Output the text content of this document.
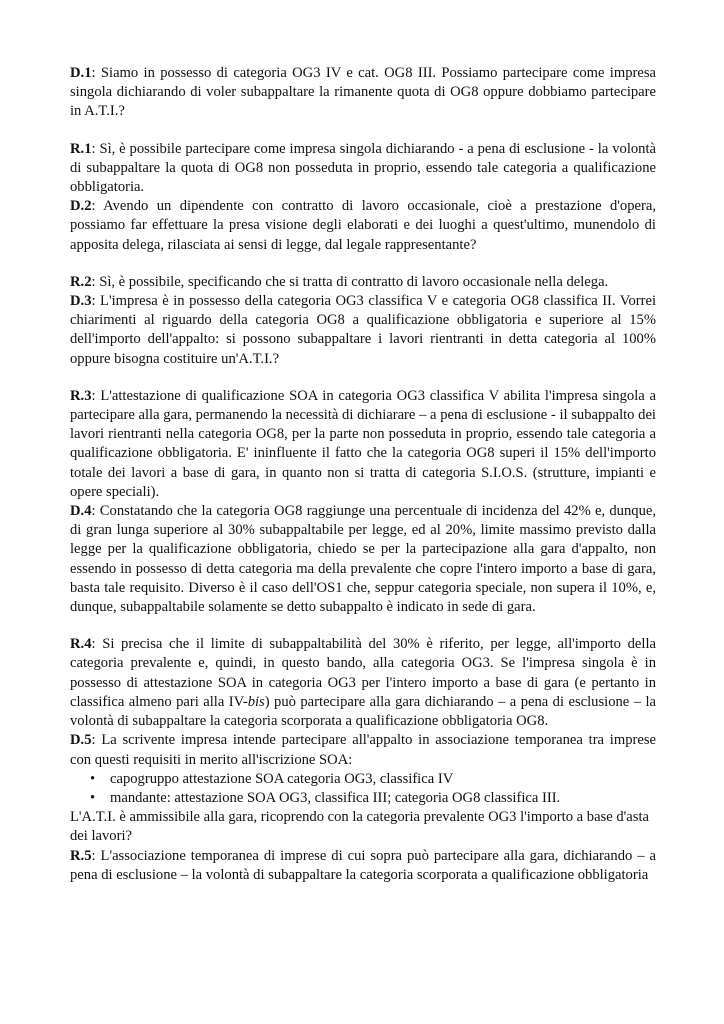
D.1: Siamo in possesso di categoria OG3 IV e cat. OG8 III. Possiamo partecipare come impresa singola dichiarando di voler subappaltare la rimanente quota di OG8 oppure dobbiamo partecipare in A.T.I.?

R.1: Sì, è possibile partecipare come impresa singola dichiarando - a pena di esclusione - la volontà di subappaltare la quota di OG8 non posseduta in proprio, essendo tale categoria a qualificazione obbligatoria.

D.2: Avendo un dipendente con contratto di lavoro occasionale, cioè a prestazione d'opera, possiamo far effettuare la presa visione degli elaborati e dei luoghi a quest'ultimo, munendolo di apposita delega, rilasciata ai sensi di legge, dal legale rappresentante?

R.2: Sì, è possibile, specificando che si tratta di contratto di lavoro occasionale nella delega.

D.3: L'impresa è in possesso della categoria OG3 classifica V e categoria OG8 classifica II. Vorrei chiarimenti al riguardo della categoria OG8 a qualificazione obbligatoria e superiore al 15% dell'importo dell'appalto: si possono subappaltare i lavori rientranti in detta categoria al 100% oppure bisogna costituire un'A.T.I.?

R.3: L'attestazione di qualificazione SOA in categoria OG3 classifica V abilita l'impresa singola a partecipare alla gara, permanendo la necessità di dichiarare – a pena di esclusione - il subappalto dei lavori rientranti nella categoria OG8, per la parte non posseduta in proprio, essendo tale categoria a qualificazione obbligatoria. E' ininfluente il fatto che la categoria OG8 superi il 15% dell'importo totale dei lavori a base di gara, in quanto non si tratta di categoria S.I.O.S. (strutture, impianti e opere speciali).

D.4: Constatando che la categoria OG8 raggiunge una percentuale di incidenza del 42% e, dunque, di gran lunga superiore al 30% subappaltabile per legge, ed al 20%, limite massimo previsto dalla legge per la qualificazione obbligatoria, chiedo se per la partecipazione alla gara d'appalto, non essendo in possesso di detta categoria ma della prevalente che copre l'intero importo a base di gara, basta tale requisito. Diverso è il caso dell'OS1 che, seppur categoria speciale, non supera il 10%, e, dunque, subappaltabile solamente se detto subappalto è indicato in sede di gara.

R.4: Si precisa che il limite di subappaltabilità del 30% è riferito, per legge, all'importo della categoria prevalente e, quindi, in questo bando, alla categoria OG3. Se l'impresa singola è in possesso di attestazione SOA in categoria OG3 per l'intero importo a base di gara (e pertanto in classifica almeno pari alla IV-bis) può partecipare alla gara dichiarando – a pena di esclusione – la volontà di subappaltare la categoria scorporata a qualificazione obbligatoria OG8.

D.5: La scrivente impresa intende partecipare all'appalto in associazione temporanea tra imprese con questi requisiti in merito all'iscrizione SOA:

• capogruppo attestazione SOA categoria OG3, classifica IV
• mandante: attestazione SOA OG3, classifica III; categoria OG8 classifica III.

L'A.T.I. è ammissibile alla gara, ricoprendo con la categoria prevalente OG3 l'importo a base d'asta dei lavori?

R.5: L'associazione temporanea di imprese di cui sopra può partecipare alla gara, dichiarando – a pena di esclusione – la volontà di subappaltare la categoria scorporata a qualificazione obbligatoria
